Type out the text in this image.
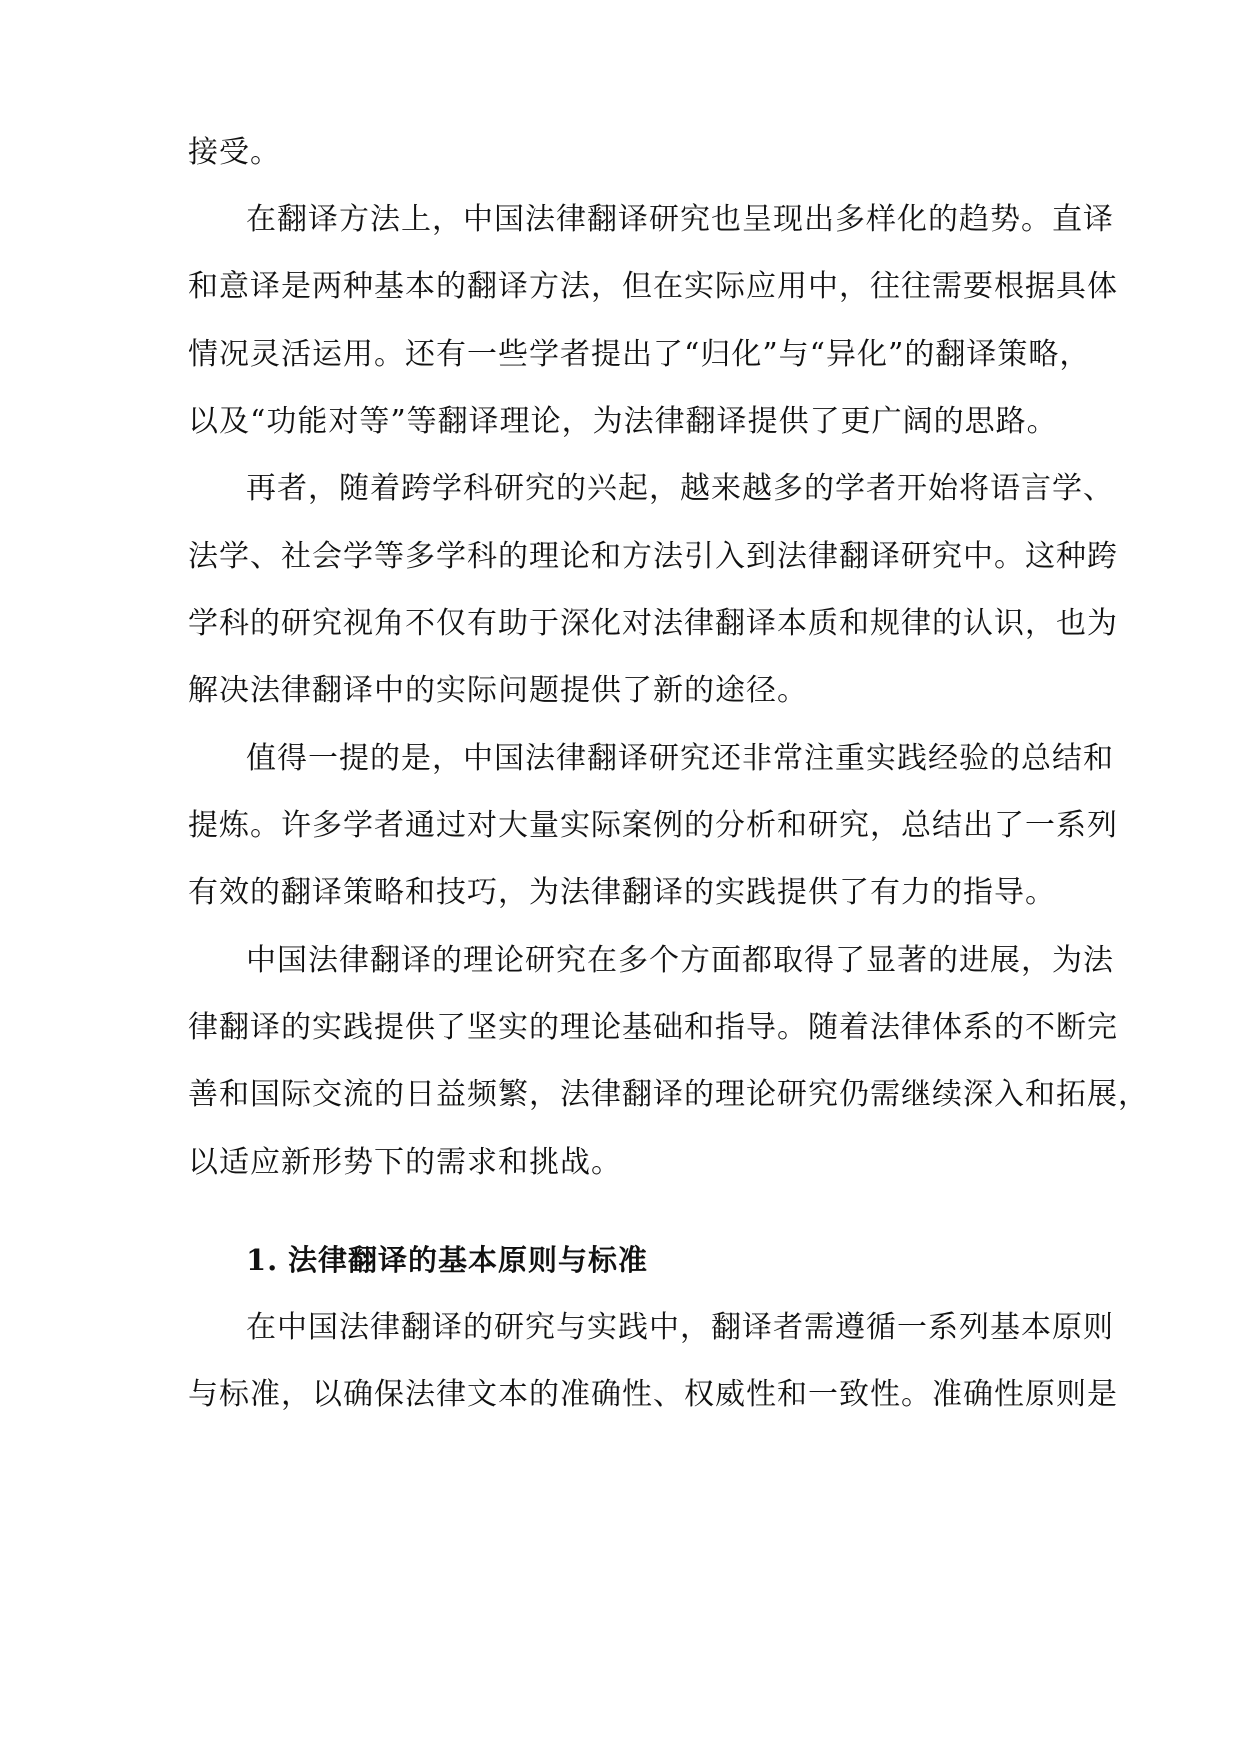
接受。
在翻译方法上，中国法律翻译研究也呈现出多样化的趋势。直译
和意译是两种基本的翻译方法，但在实际应用中，往往需要根据具体
情况灵活运用。还有一些学者提出了“归化”与“异化”的翻译策略，
以及“功能对等”等翻译理论，为法律翻译提供了更广阔的思路。
再者，随着跨学科研究的兴起，越来越多的学者开始将语言学、
法学、社会学等多学科的理论和方法引入到法律翻译研究中。这种跨
学科的研究视角不仅有助于深化对法律翻译本质和规律的认识，也为
解决法律翻译中的实际问题提供了新的途径。
值得一提的是，中国法律翻译研究还非常注重实践经验的总结和
提炼。许多学者通过对大量实际案例的分析和研究，总结出了一系列
有效的翻译策略和技巧，为法律翻译的实践提供了有力的指导。
中国法律翻译的理论研究在多个方面都取得了显著的进展，为法
律翻译的实践提供了坚实的理论基础和指导。随着法律体系的不断完
善和国际交流的日益频繁，法律翻译的理论研究仍需继续深入和拓展，
以适应新形势下的需求和挑战。
1. 法律翻译的基本原则与标准
在中国法律翻译的研究与实践中，翻译者需遵循一系列基本原则
与标准，以确保法律文本的准确性、权威性和一致性。准确性原则是
